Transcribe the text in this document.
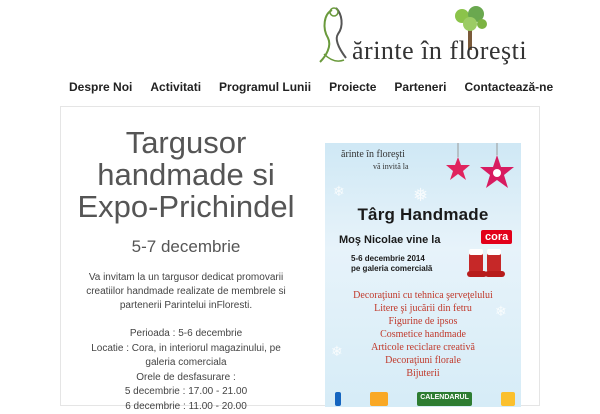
ărinte în floreşti
Despre Noi	Activitati	Programul Lunii	Proiecte	Parteneri	Contactează-ne
Targusor handmade si Expo-Prichindel
5-7 decembrie

Va invitam la un targusor dedicat promovarii creatiilor handmade realizate de membrele si partenerii Parintelui inFloresti.

Perioada : 5-6 decembrie
Locatie : Cora, in interiorul magazinului, pe galeria comerciala
Orele de desfasurare :
5 decembrie : 17.00 - 21.00
6 decembrie : 11.00 - 20.00
❄
❄
❄
❅
ărinte în floreşti
vă invită la
Târg Handmade
Moş Nicolae vine la	cora
5-6 decembrie 2014
pe galeria comercială
Decoraţiuni cu tehnica şerveţelului
Litere şi jucării din fetru
Figurine de ipsos
Cosmetice handmade
Articole reciclare creativă
Decoraţiuni florale
Bijuterii
CALENDARUL
